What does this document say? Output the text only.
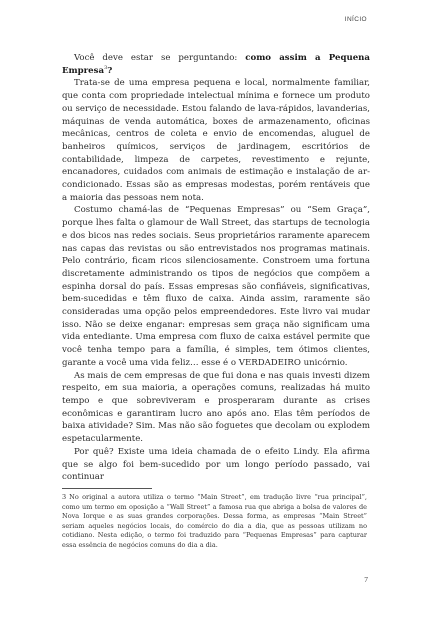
INÍCIO

Você deve estar se perguntando: como assim a Pequena Empresa$^3$?

Trata-se de uma empresa pequena e local, normalmente familiar, que conta com propriedade intelectual mínima e fornece um produto ou serviço de necessidade. Estou falando de lava-rápidos, lavanderias, máquinas de venda automática, boxes de armazenamento, oficinas mecânicas, centros de coleta e envio de encomendas, aluguel de banheiros químicos, serviços de jardinagem, escritórios de contabilidade, limpeza de carpetes, revestimento e rejunte, encanadores, cuidados com animais de estimação e instalação de ar-condicionado. Essas são as empresas modestas, porém rentáveis que a maioria das pessoas nem nota.

Costumo chamá-las de “Pequenas Empresas” ou “Sem Graça”, porque lhes falta o glamour de Wall Street, das startups de tecnologia e dos bicos nas redes sociais. Seus proprietários raramente aparecem nas capas das revistas ou são entrevistados nos programas matinais. Pelo contrário, ficam ricos silenciosamente. Constroem uma fortuna discretamente administrando os tipos de negócios que compõem a espinha dorsal do país. Essas empresas são confiáveis, significativas, bem-sucedidas e têm fluxo de caixa. Ainda assim, raramente são consideradas uma opção pelos empreendedores. Este livro vai mudar isso. Não se deixe enganar: empresas sem graça não significam uma vida entediante. Uma empresa com fluxo de caixa estável permite que você tenha tempo para a família, é simples, tem ótimos clientes, garante a você uma vida feliz… esse é o VERDADEIRO unicórnio.

As mais de cem empresas de que fui dona e nas quais investi dizem respeito, em sua maioria, a operações comuns, realizadas há muito tempo e que sobreviveram e prosperaram durante as crises econômicas e garantiram lucro ano após ano. Elas têm períodos de baixa atividade? Sim. Mas não são foguetes que decolam ou explodem espetacularmente.

Por quê? Existe uma ideia chamada de o efeito Lindy. Ela afirma que se algo foi bem-sucedido por um longo período passado, vai continuar

3 No original a autora utiliza o termo “Main Street”, em tradução livre “rua principal”, como um termo em oposição a “Wall Street” a famosa rua que abriga a bolsa de valores de Nova Iorque e as suas grandes corporações. Dessa forma, as empresas “Main Street” seriam aqueles negócios locais, do comércio do dia a dia, que as pessoas utilizam no cotidiano. Nesta edição, o termo foi traduzido para “Pequenas Empresas” para capturar essa essência de negócios comuns do dia a dia.

7
